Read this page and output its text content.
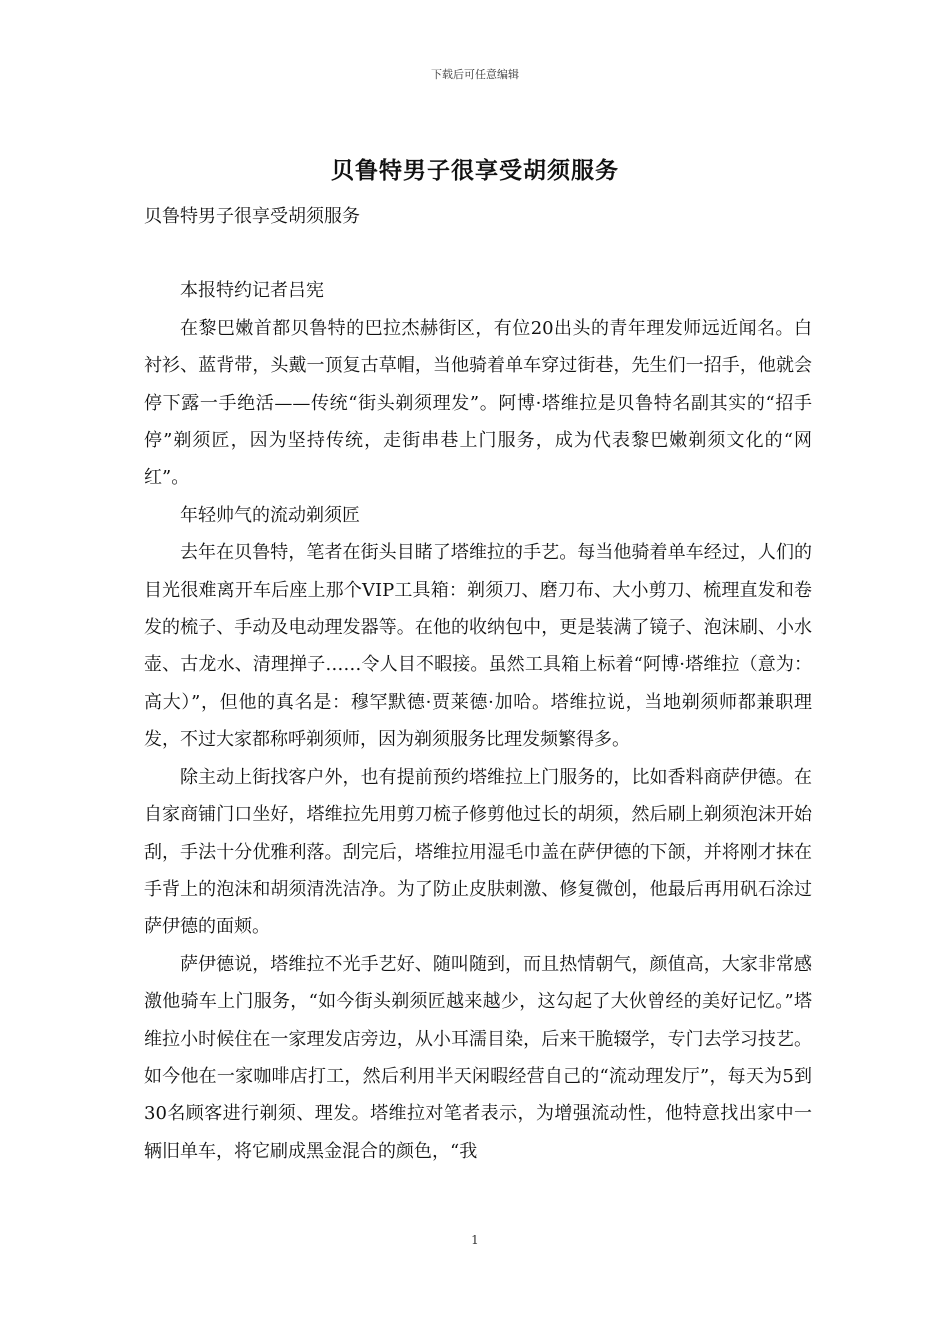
下载后可任意编辑
贝鲁特男子很享受胡须服务

贝鲁特男子很享受胡须服务

本报特约记者吕宪

在黎巴嫩首都贝鲁特的巴拉杰赫街区，有位20出头的青年理发师远近闻名。白衬衫、蓝背带，头戴一顶复古草帽，当他骑着单车穿过街巷，先生们一招手，他就会停下露一手绝活——传统“街头剃须理发”。阿博·塔维拉是贝鲁特名副其实的“招手停”剃须匠，因为坚持传统，走街串巷上门服务，成为代表黎巴嫩剃须文化的“网红”。

年轻帅气的流动剃须匠

去年在贝鲁特，笔者在街头目睹了塔维拉的手艺。每当他骑着单车经过，人们的目光很难离开车后座上那个VIP工具箱：剃须刀、磨刀布、大小剪刀、梳理直发和卷发的梳子、手动及电动理发器等。在他的收纳包中，更是装满了镜子、泡沫刷、小水壶、古龙水、清理掸子……令人目不暇接。虽然工具箱上标着“阿博·塔维拉（意为：高大）”，但他的真名是：穆罕默德·贾莱德·加哈。塔维拉说，当地剃须师都兼职理发，不过大家都称呼剃须师，因为剃须服务比理发频繁得多。

除主动上街找客户外，也有提前预约塔维拉上门服务的，比如香料商萨伊德。在自家商铺门口坐好，塔维拉先用剪刀梳子修剪他过长的胡须，然后刷上剃须泡沫开始刮，手法十分优雅利落。刮完后，塔维拉用湿毛巾盖在萨伊德的下颌，并将刚才抹在手背上的泡沫和胡须清洗洁净。为了防止皮肤刺激、修复微创，他最后再用矾石涂过萨伊德的面颊。

萨伊德说，塔维拉不光手艺好、随叫随到，而且热情朝气，颜值高，大家非常感激他骑车上门服务，“如今街头剃须匠越来越少，这勾起了大伙曾经的美好记忆。”塔维拉小时候住在一家理发店旁边，从小耳濡目染，后来干脆辍学，专门去学习技艺。如今他在一家咖啡店打工，然后利用半天闲暇经营自己的“流动理发厅”，每天为5到30名顾客进行剃须、理发。塔维拉对笔者表示，为增强流动性，他特意找出家中一辆旧单车，将它刷成黑金混合的颜色，“我

1
